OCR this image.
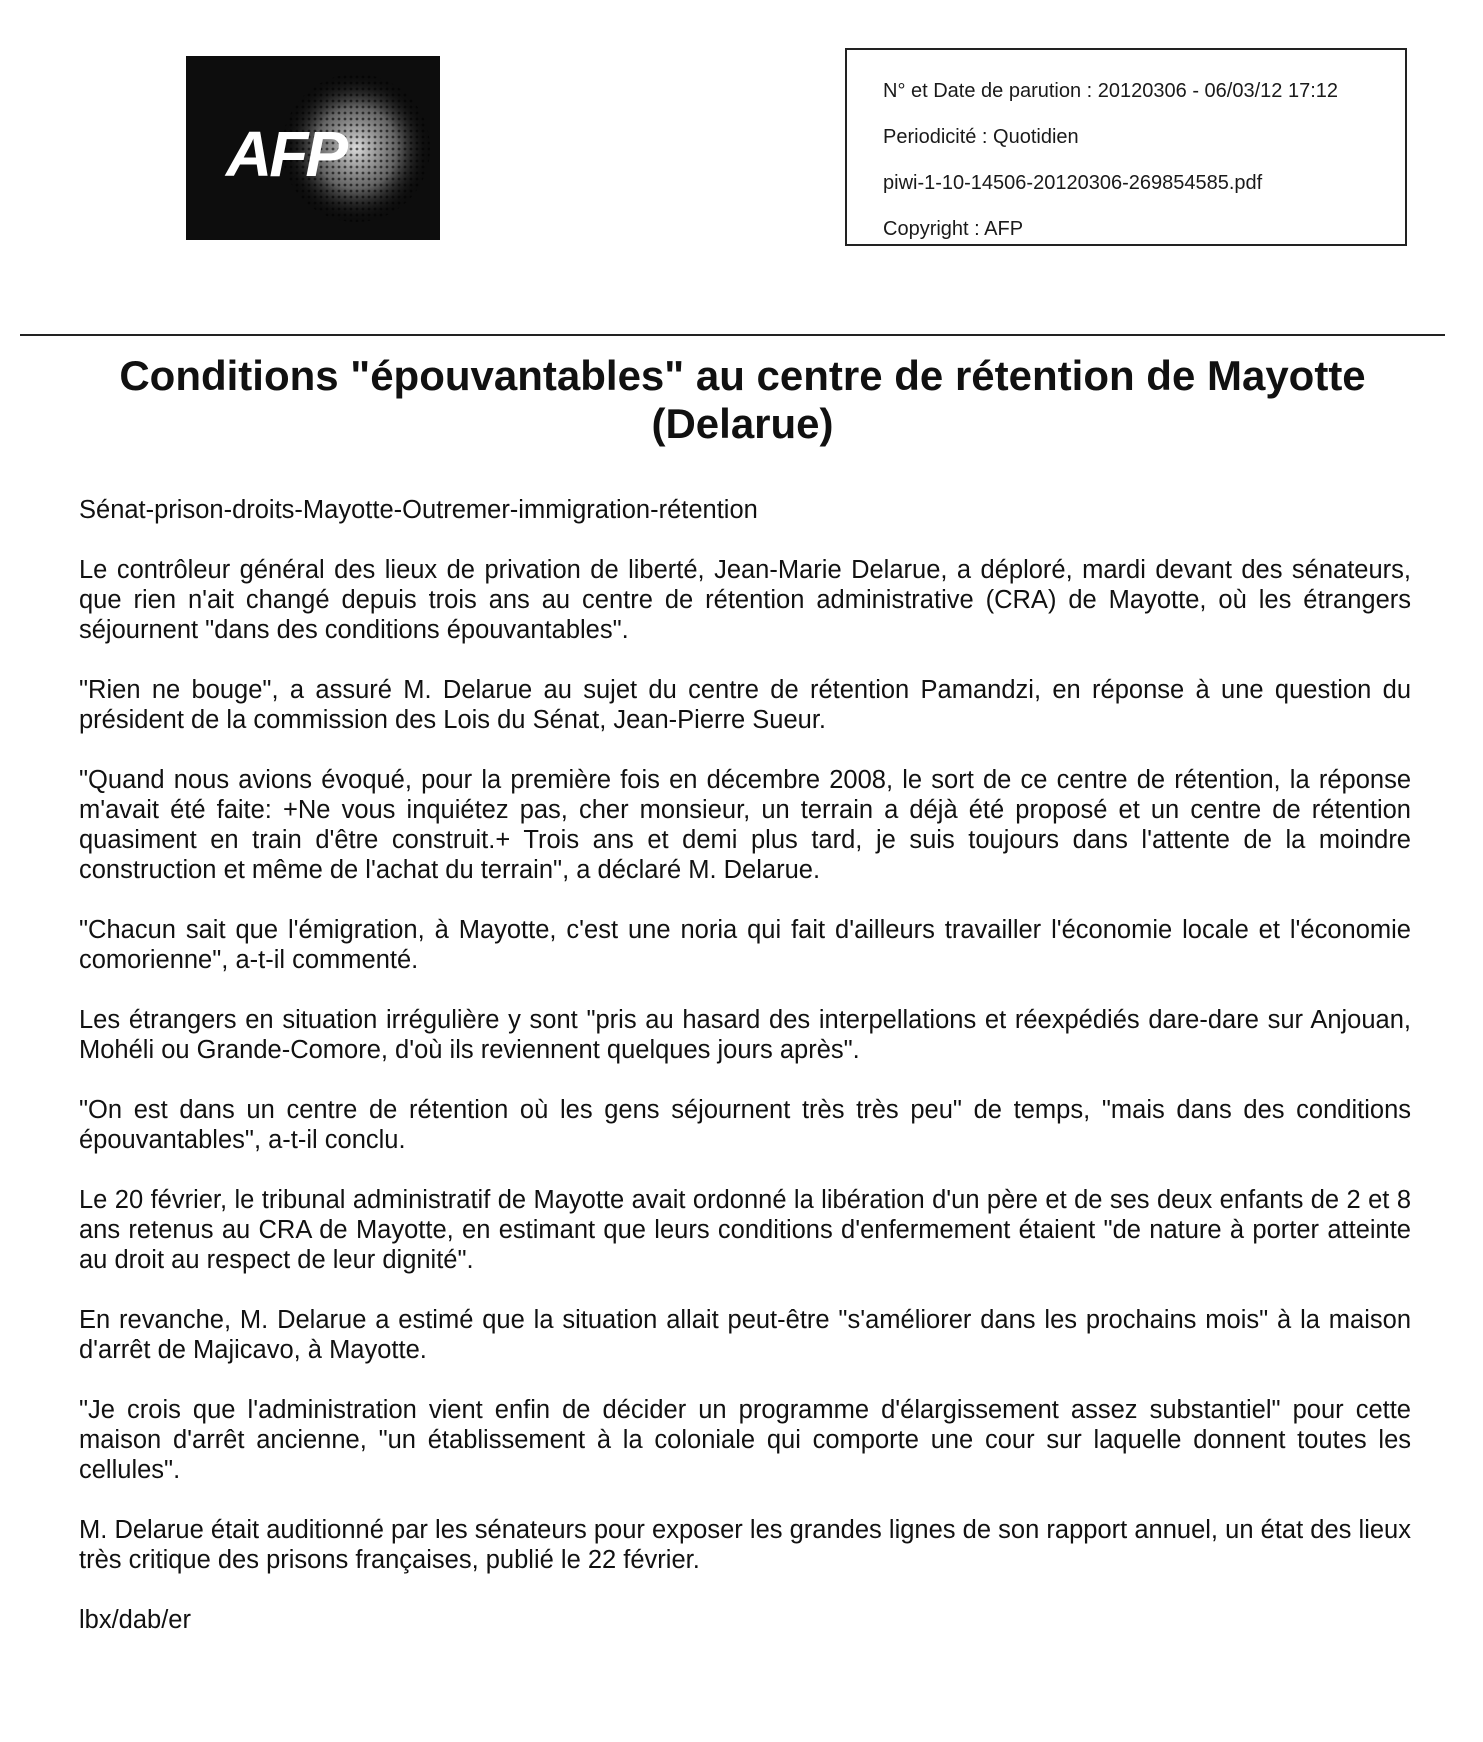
AFP
N° et Date de parution : 20120306 - 06/03/12 17:12
Periodicité : Quotidien
piwi-1-10-14506-20120306-269854585.pdf
Copyright : AFP
Conditions "épouvantables" au centre de rétention de Mayotte (Delarue)

Sénat-prison-droits-Mayotte-Outremer-immigration-rétention

Le contrôleur général des lieux de privation de liberté, Jean-Marie Delarue, a déploré, mardi devant des sénateurs, que rien n'ait changé depuis trois ans au centre de rétention administrative (CRA) de Mayotte, où les étrangers séjournent "dans des conditions épouvantables".

"Rien ne bouge", a assuré M. Delarue au sujet du centre de rétention Pamandzi, en réponse à une question du président de la commission des Lois du Sénat, Jean-Pierre Sueur.

"Quand nous avions évoqué, pour la première fois en décembre 2008, le sort de ce centre de rétention, la réponse m'avait été faite: +Ne vous inquiétez pas, cher monsieur, un terrain a déjà été proposé et un centre de rétention quasiment en train d'être construit.+ Trois ans et demi plus tard, je suis toujours dans l'attente de la moindre construction et même de l'achat du terrain", a déclaré M. Delarue.

"Chacun sait que l'émigration, à Mayotte, c'est une noria qui fait d'ailleurs travailler l'économie locale et l'économie comorienne", a-t-il commenté.

Les étrangers en situation irrégulière y sont "pris au hasard des interpellations et réexpédiés dare-dare sur Anjouan, Mohéli ou Grande-Comore, d'où ils reviennent quelques jours après".

"On est dans un centre de rétention où les gens séjournent très très peu" de temps, "mais dans des conditions épouvantables", a-t-il conclu.

Le 20 février, le tribunal administratif de Mayotte avait ordonné la libération d'un père et de ses deux enfants de 2 et 8 ans retenus au CRA de Mayotte, en estimant que leurs conditions d'enfermement étaient "de nature à porter atteinte au droit au respect de leur dignité".

En revanche, M. Delarue a estimé que la situation allait peut-être "s'améliorer dans les prochains mois" à la maison d'arrêt de Majicavo, à Mayotte.

"Je crois que l'administration vient enfin de décider un programme d'élargissement assez substantiel" pour cette maison d'arrêt ancienne, "un établissement à la coloniale qui comporte une cour sur laquelle donnent toutes les cellules".

M. Delarue était auditionné par les sénateurs pour exposer les grandes lignes de son rapport annuel, un état des lieux très critique des prisons françaises, publié le 22 février.

lbx/dab/er
